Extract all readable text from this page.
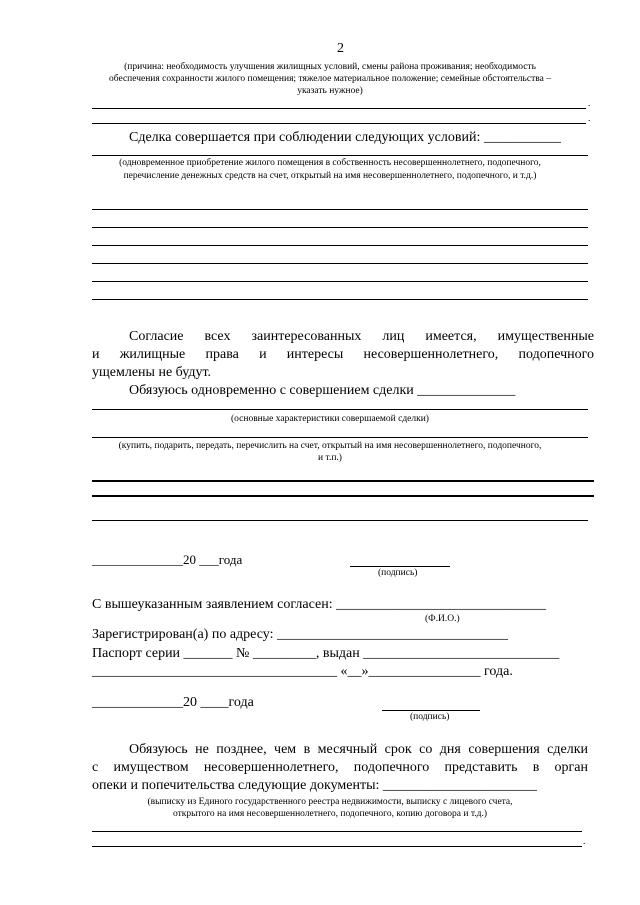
2
(причина: необходимость улучшения жилищных условий, смены района проживания; необходимость
обеспечения сохранности жилого помещения; тяжелое материальное положение; семейные обстоятельства –
указать нужное)
.
.
Сделка совершается при соблюдении следующих условий: ___________
(одновременное приобретение жилого помещения в собственность несовершеннолетнего, подопечного,
перечисление денежных средств на счет, открытый на имя несовершеннолетнего, подопечного, и т.д.)
Согласие всех заинтересованных лиц имеется, имущественные
и жилищные права и интересы несовершеннолетнего, подопечного
ущемлены не будут.
Обязуюсь одновременно с совершением сделки ______________
(основные характеристики совершаемой сделки)
(купить, подарить, передать, перечислить на счет, открытый на имя несовершеннолетнего, подопечного,
и т.п.)
______________20 ___года
(подпись)
С вышеуказанным заявлением согласен: ______________________________
(Ф.И.О.)
Зарегистрирован(а) по адресу: _________________________________
Паспорт серии _______ № _________, выдан ____________________________
___________________________________ «__»________________ года.
_____________20 ____года
(подпись)
Обязуюсь не позднее, чем в месячный срок со дня совершения сделки
с имуществом несовершеннолетнего, подопечного представить в орган
опеки и попечительства следующие документы: ______________________
(выписку из Единого государственного реестра недвижимости, выписку с лицевого счета,
открытого на имя несовершеннолетнего, подопечного, копию договора и т.д.)
.
